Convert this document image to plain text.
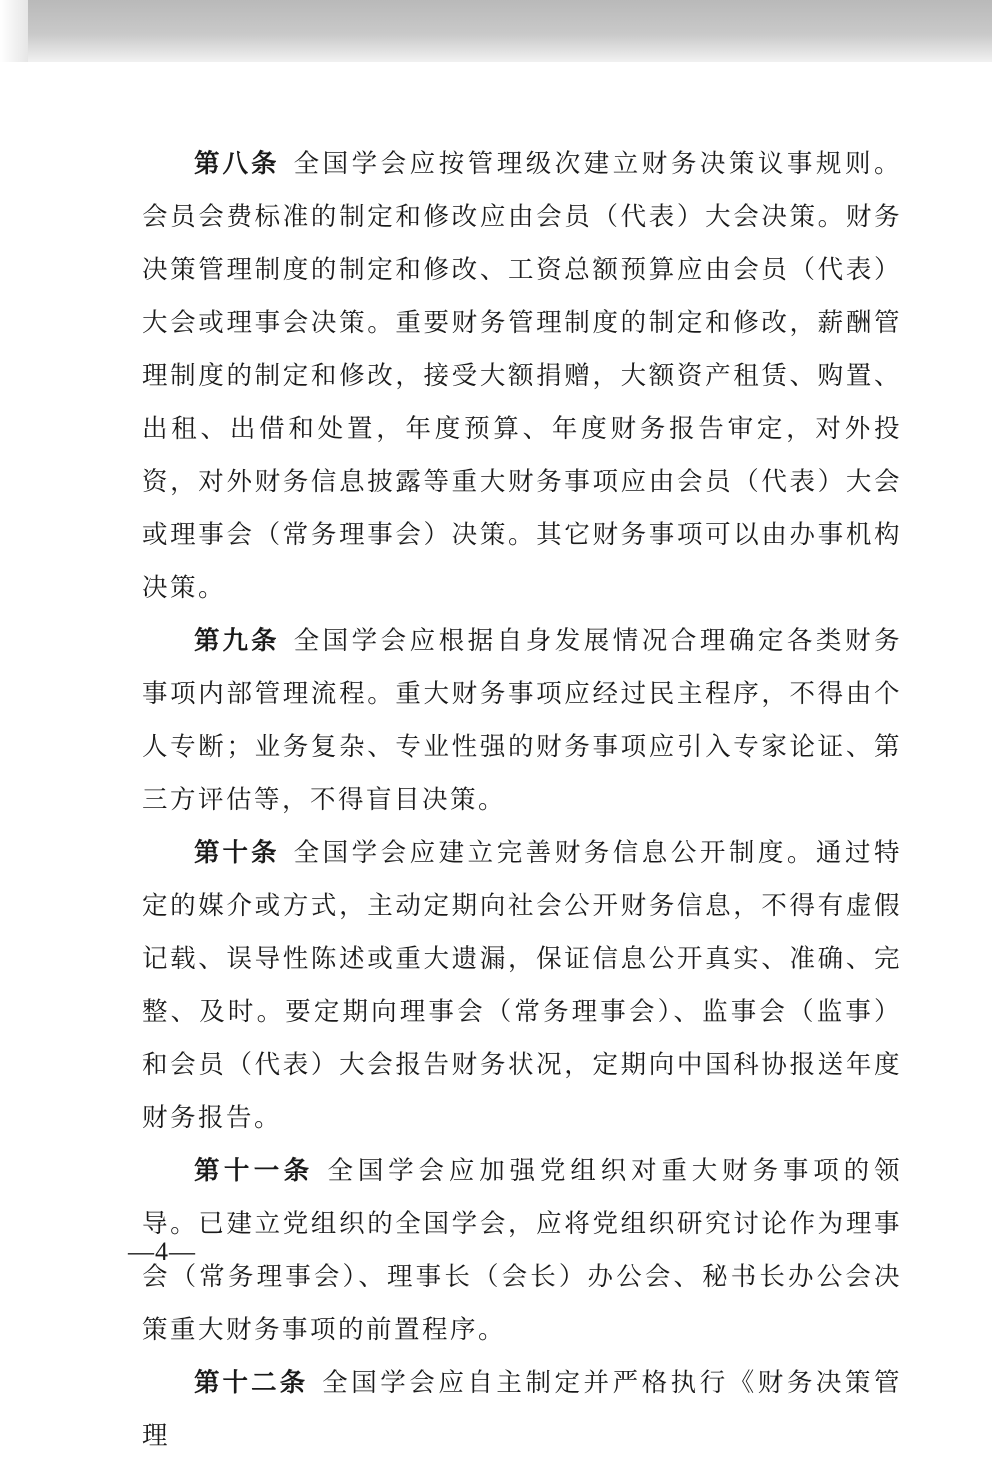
第八条 全国学会应按管理级次建立财务决策议事规则。会员会费标准的制定和修改应由会员（代表）大会决策。财务决策管理制度的制定和修改、工资总额预算应由会员（代表）大会或理事会决策。重要财务管理制度的制定和修改，薪酬管理制度的制定和修改，接受大额捐赠，大额资产租赁、购置、出租、出借和处置，年度预算、年度财务报告审定，对外投资，对外财务信息披露等重大财务事项应由会员（代表）大会或理事会（常务理事会）决策。其它财务事项可以由办事机构决策。

第九条 全国学会应根据自身发展情况合理确定各类财务事项内部管理流程。重大财务事项应经过民主程序，不得由个人专断；业务复杂、专业性强的财务事项应引入专家论证、第三方评估等，不得盲目决策。

第十条 全国学会应建立完善财务信息公开制度。通过特定的媒介或方式，主动定期向社会公开财务信息，不得有虚假记载、误导性陈述或重大遗漏，保证信息公开真实、准确、完整、及时。要定期向理事会（常务理事会）、监事会（监事）和会员（代表）大会报告财务状况，定期向中国科协报送年度财务报告。

第十一条 全国学会应加强党组织对重大财务事项的领导。已建立党组织的全国学会，应将党组织研究讨论作为理事会（常务理事会）、理事长（会长）办公会、秘书长办公会决策重大财务事项的前置程序。

第十二条 全国学会应自主制定并严格执行《财务决策管理

—4—
